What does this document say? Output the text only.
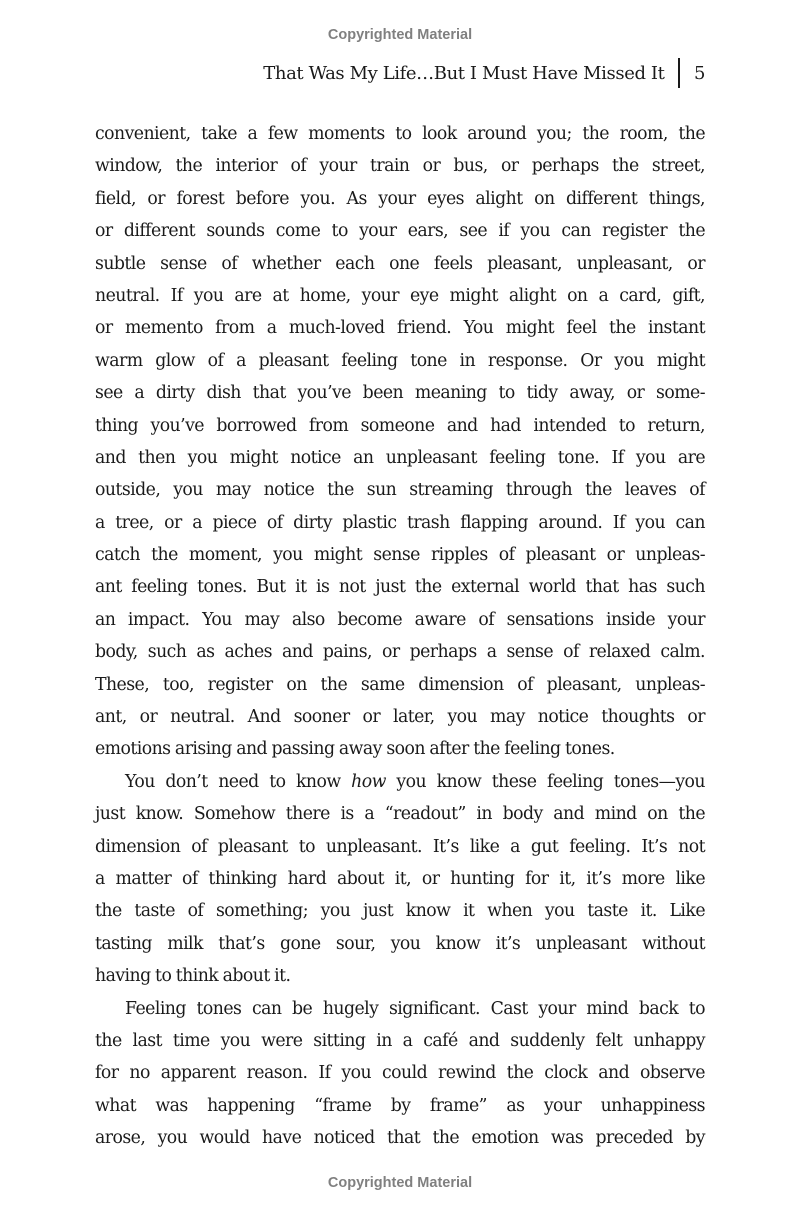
Copyrighted Material
That Was My Life…But I Must Have Missed It 5
convenient, take a few moments to look around you; the room, the
window, the interior of your train or bus, or perhaps the street,
field, or forest before you. As your eyes alight on different things,
or different sounds come to your ears, see if you can register the
subtle sense of whether each one feels pleasant, unpleasant, or
neutral. If you are at home, your eye might alight on a card, gift,
or memento from a much-loved friend. You might feel the instant
warm glow of a pleasant feeling tone in response. Or you might
see a dirty dish that you’ve been meaning to tidy away, or some-
thing you’ve borrowed from someone and had intended to return,
and then you might notice an unpleasant feeling tone. If you are
outside, you may notice the sun streaming through the leaves of
a tree, or a piece of dirty plastic trash flapping around. If you can
catch the moment, you might sense ripples of pleasant or unpleas-
ant feeling tones. But it is not just the external world that has such
an impact. You may also become aware of sensations inside your
body, such as aches and pains, or perhaps a sense of relaxed calm.
These, too, register on the same dimension of pleasant, unpleas-
ant, or neutral. And sooner or later, you may notice thoughts or
emotions arising and passing away soon after the feeling tones.
You don’t need to know how you know these feeling tones—you
just know. Somehow there is a “readout” in body and mind on the
dimension of pleasant to unpleasant. It’s like a gut feeling. It’s not
a matter of thinking hard about it, or hunting for it, it’s more like
the taste of something; you just know it when you taste it. Like
tasting milk that’s gone sour, you know it’s unpleasant without
having to think about it.
Feeling tones can be hugely significant. Cast your mind back to
the last time you were sitting in a café and suddenly felt unhappy
for no apparent reason. If you could rewind the clock and observe
what was happening “frame by frame” as your unhappiness
arose, you would have noticed that the emotion was preceded by
Copyrighted Material
